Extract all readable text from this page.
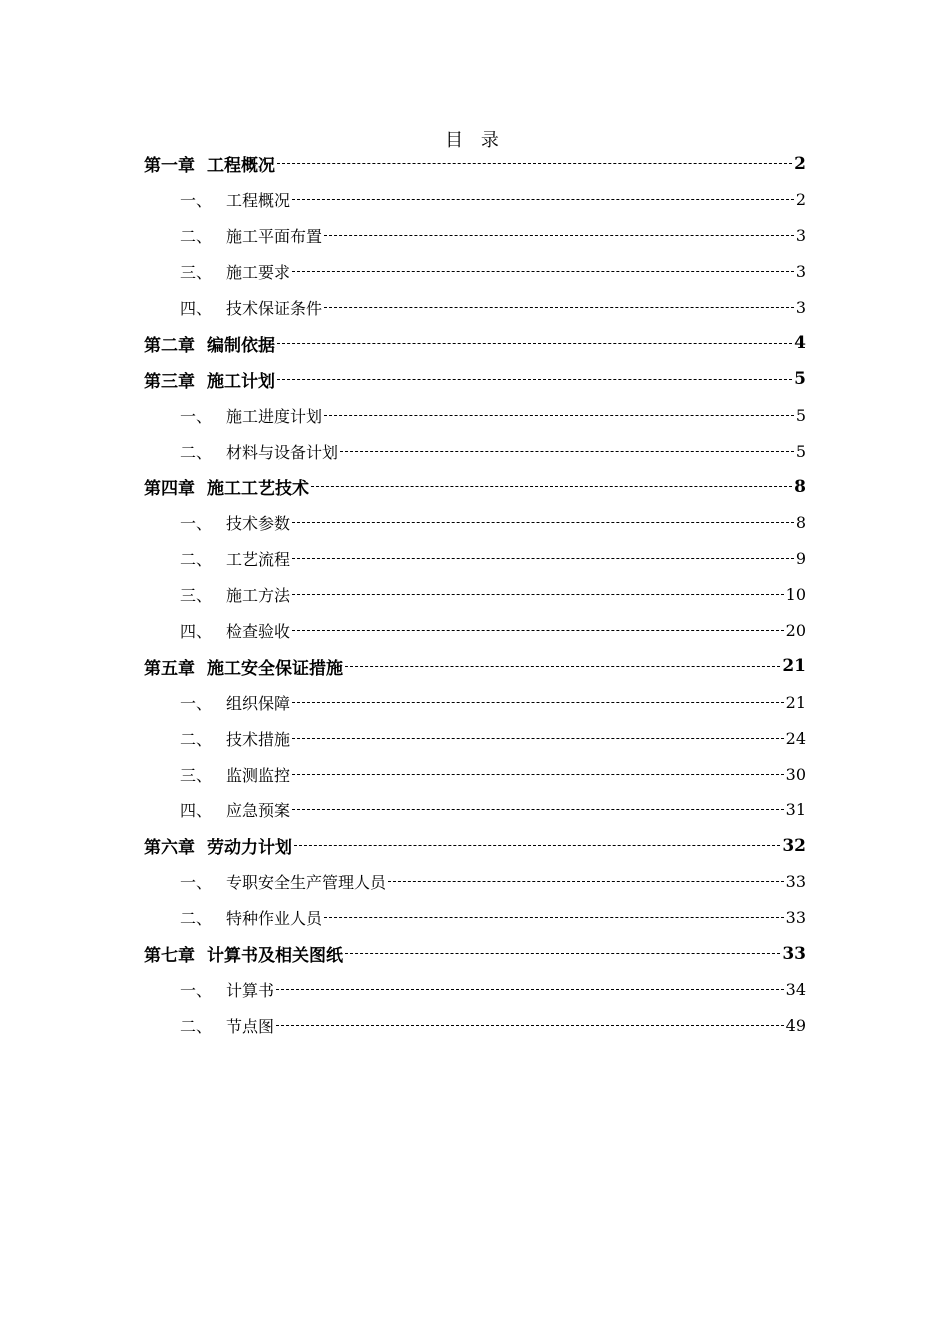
目 录
第一章 工程概况	2
一、 工程概况	2
二、 施工平面布置	3
三、 施工要求	3
四、 技术保证条件	3
第二章 编制依据	4
第三章 施工计划	5
一、 施工进度计划	5
二、 材料与设备计划	5
第四章 施工工艺技术	8
一、 技术参数	8
二、 工艺流程	9
三、 施工方法	10
四、 检查验收	20
第五章 施工安全保证措施	21
一、 组织保障	21
二、 技术措施	24
三、 监测监控	30
四、 应急预案	31
第六章 劳动力计划	32
一、 专职安全生产管理人员	33
二、 特种作业人员	33
第七章 计算书及相关图纸	33
一、 计算书	34
二、 节点图	49
